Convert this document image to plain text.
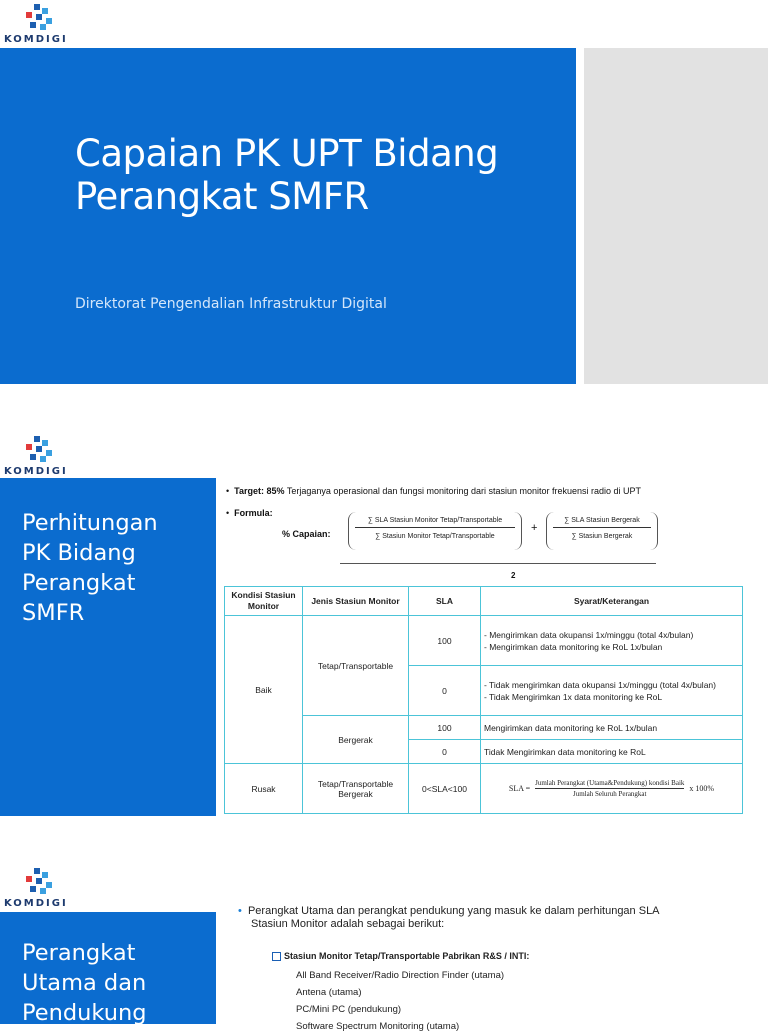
KOMDIGI
Capaian PK UPT Bidang
Perangkat SMFR
Direktorat Pengendalian Infrastruktur Digital
KOMDIGI
Perhitungan
PK Bidang
Perangkat
SMFR
•  Target: 85% Terjaganya operasional dan fungsi monitoring dari stasiun monitor frekuensi radio di UPT
•  Formula:
% Capaian:
∑ SLA Stasiun Monitor Tetap/Transportable
∑ Stasiun Monitor Tetap/Transportable
+
∑ SLA Stasiun Bergerak
∑ Stasiun Bergerak
2
Kondisi Stasiun Monitor	Jenis Stasiun Monitor	SLA	Syarat/Keterangan
Baik	Tetap/Transportable	100	- Mengirimkan data okupansi 1x/minggu (total 4x/bulan)
- Mengirimkan data monitoring ke RoL 1x/bulan

		0	- Tidak mengirimkan data okupansi 1x/minggu (total 4x/bulan)
- Tidak Mengirimkan 1x data monitoring ke RoL

	Bergerak	100	Mengirimkan data monitoring ke RoL 1x/bulan
		0	Tidak Mengirimkan data monitoring ke RoL
Rusak	Tetap/Transportable Bergerak	0<SLA<100	SLA =
Jumlah Perangkat (Utama&Pendukung) kondisi Baik
Jumlah Seluruh Perangkat
x 100%
KOMDIGI
Perangkat
Utama dan
Pendukung
•  Perangkat Utama dan perangkat pendukung yang masuk ke dalam perhitungan SLA
Stasiun Monitor adalah sebagai berikut:
Stasiun Monitor Tetap/Transportable Pabrikan R&S / INTI:
All Band Receiver/Radio Direction Finder (utama)
Antena (utama)
PC/Mini PC (pendukung)
Software Spectrum Monitoring (utama)
